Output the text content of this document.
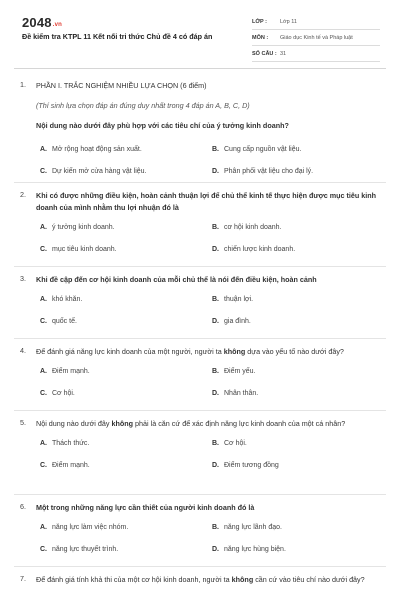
2048.vn
Đề kiểm tra KTPL 11 Kết nối tri thức Chủ đề 4 có đáp án
LỚP :	Lớp 11
MÔN :	Giáo dục Kinh tế và Pháp luật
SỐ CÂU : 31
1.	PHẦN I. TRẮC NGHIỆM NHIỀU LỰA CHỌN (6 điểm)
(Thí sinh lựa chọn đáp án đúng duy nhất trong 4 đáp án A, B, C, D)
Nội dung nào dưới đây phù hợp với các tiêu chí của ý tưởng kinh doanh?
A. Mở rộng hoạt động sản xuất.	B. Cung cấp nguồn vật liệu.
C. Dự kiến mở cửa hàng vật liệu.	D. Phân phối vật liệu cho đại lý.
2.	Khi có được những điều kiện, hoàn cảnh thuận lợi để chủ thể kinh tế thực hiện được mục tiêu kinh doanh của mình nhằm thu lợi nhuận đó là
A. ý tưởng kinh doanh.	B. cơ hội kinh doanh.
C. mục tiêu kinh doanh.	D. chiến lược kinh doanh.
3.	Khi đề cập đến cơ hội kinh doanh của mỗi chủ thể là nói đến điều kiện, hoàn cảnh
A. khó khăn.	B. thuận lợi.
C. quốc tế.	D. gia đình.
4.	Để đánh giá năng lực kinh doanh của một người, người ta không dựa vào yếu tố nào dưới đây?
A. Điểm mạnh.	B. Điểm yếu.
C. Cơ hội.	D. Nhân thân.
5.	Nội dung nào dưới đây không phải là căn cứ để xác định năng lực kinh doanh của một cá nhân?
A. Thách thức.	B. Cơ hội.
C. Điểm mạnh.	D. Điểm tương đồng
6.	Một trong những năng lực cần thiết của người kinh doanh đó là
A. năng lực làm việc nhóm.	B. năng lực lãnh đạo.
C. năng lực thuyết trình.	D. năng lực hùng biện.
7.	Để đánh giá tính khả thi của một cơ hội kinh doanh, người ta không cần cứ vào tiêu chí nào dưới đây?
